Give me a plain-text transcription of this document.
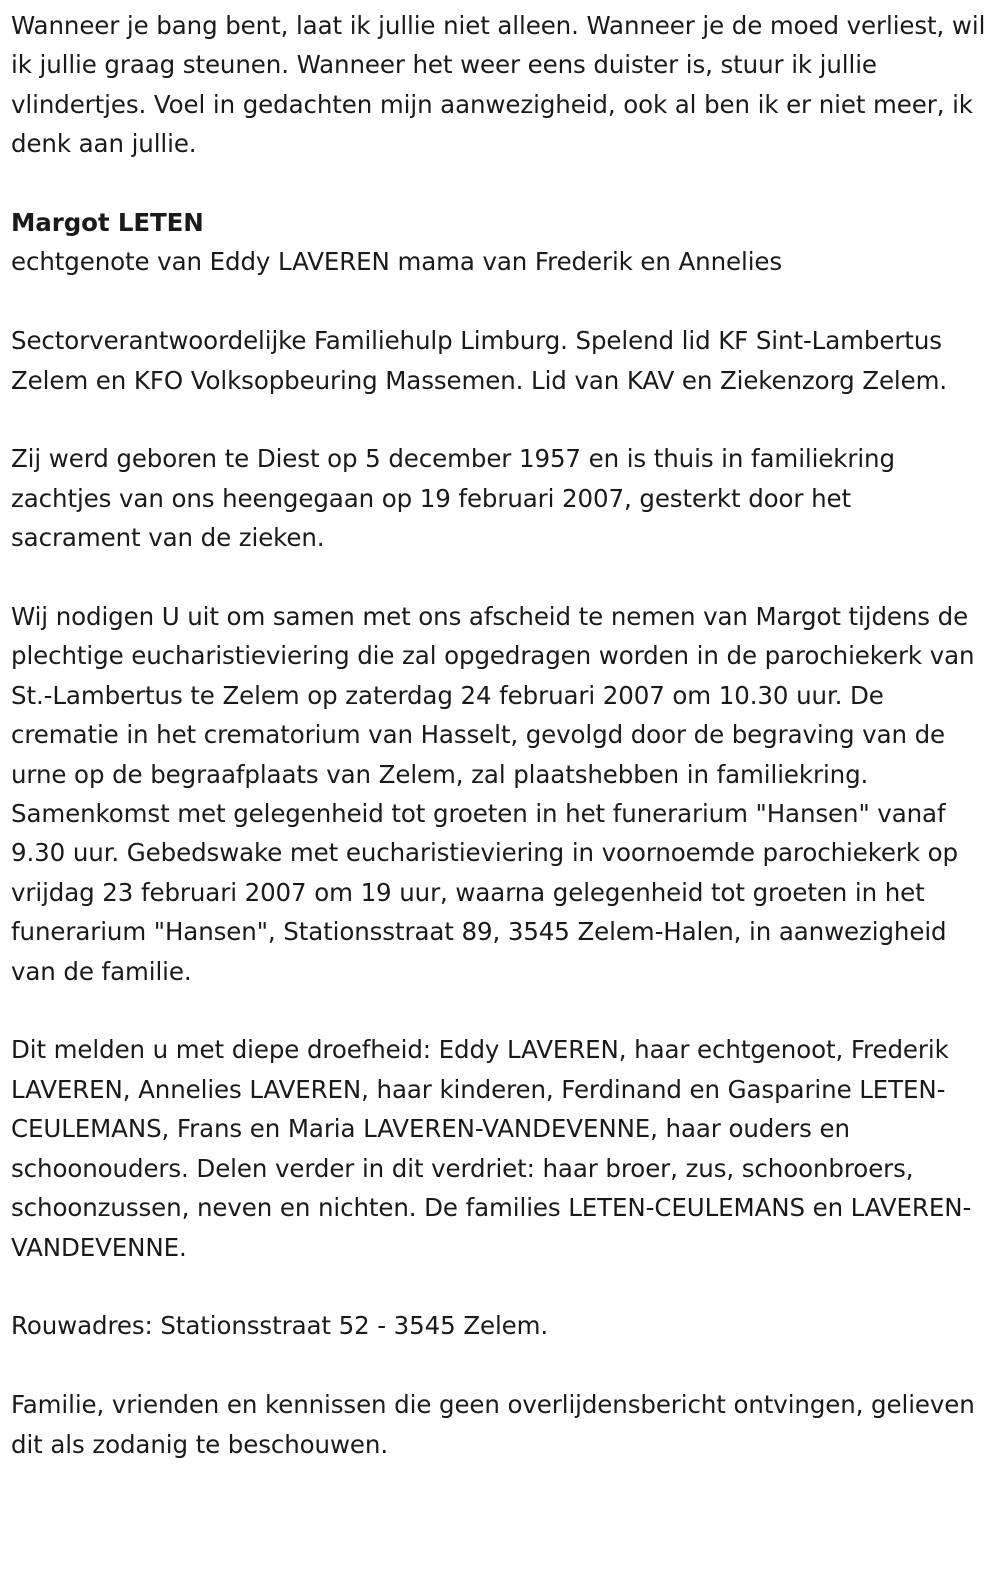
Wanneer je bang bent, laat ik jullie niet alleen. Wanneer je de moed verliest, wil ik jullie graag steunen. Wanneer het weer eens duister is, stuur ik jullie vlindertjes. Voel in gedachten mijn aanwezigheid, ook al ben ik er niet meer, ik denk aan jullie.

Margot LETEN

echtgenote van Eddy LAVEREN mama van Frederik en Annelies

Sectorverantwoordelijke Familiehulp Limburg. Spelend lid KF Sint-Lambertus Zelem en KFO Volksopbeuring Massemen. Lid van KAV en Ziekenzorg Zelem.

Zij werd geboren te Diest op 5 december 1957 en is thuis in familiekring zachtjes van ons heengegaan op 19 februari 2007, gesterkt door het sacrament van de zieken.

Wij nodigen U uit om samen met ons afscheid te nemen van Margot tijdens de plechtige eucharistieviering die zal opgedragen worden in de parochiekerk van St.-Lambertus te Zelem op zaterdag 24 februari 2007 om 10.30 uur. De crematie in het crematorium van Hasselt, gevolgd door de begraving van de urne op de begraafplaats van Zelem, zal plaatshebben in familiekring. Samenkomst met gelegenheid tot groeten in het funerarium "Hansen" vanaf 9.30 uur. Gebedswake met eucharistieviering in voornoemde parochiekerk op vrijdag 23 februari 2007 om 19 uur, waarna gelegenheid tot groeten in het funerarium "Hansen", Stationsstraat 89, 3545 Zelem-Halen, in aanwezigheid van de familie.

Dit melden u met diepe droefheid: Eddy LAVEREN, haar echtgenoot, Frederik LAVEREN, Annelies LAVEREN, haar kinderen, Ferdinand en Gasparine LETEN-CEULEMANS, Frans en Maria LAVEREN-VANDEVENNE, haar ouders en schoonouders. Delen verder in dit verdriet: haar broer, zus, schoonbroers, schoonzussen, neven en nichten. De families LETEN-CEULEMANS en LAVEREN-VANDEVENNE.

Rouwadres: Stationsstraat 52 - 3545 Zelem.

Familie, vrienden en kennissen die geen overlijdensbericht ontvingen, gelieven dit als zodanig te beschouwen.
